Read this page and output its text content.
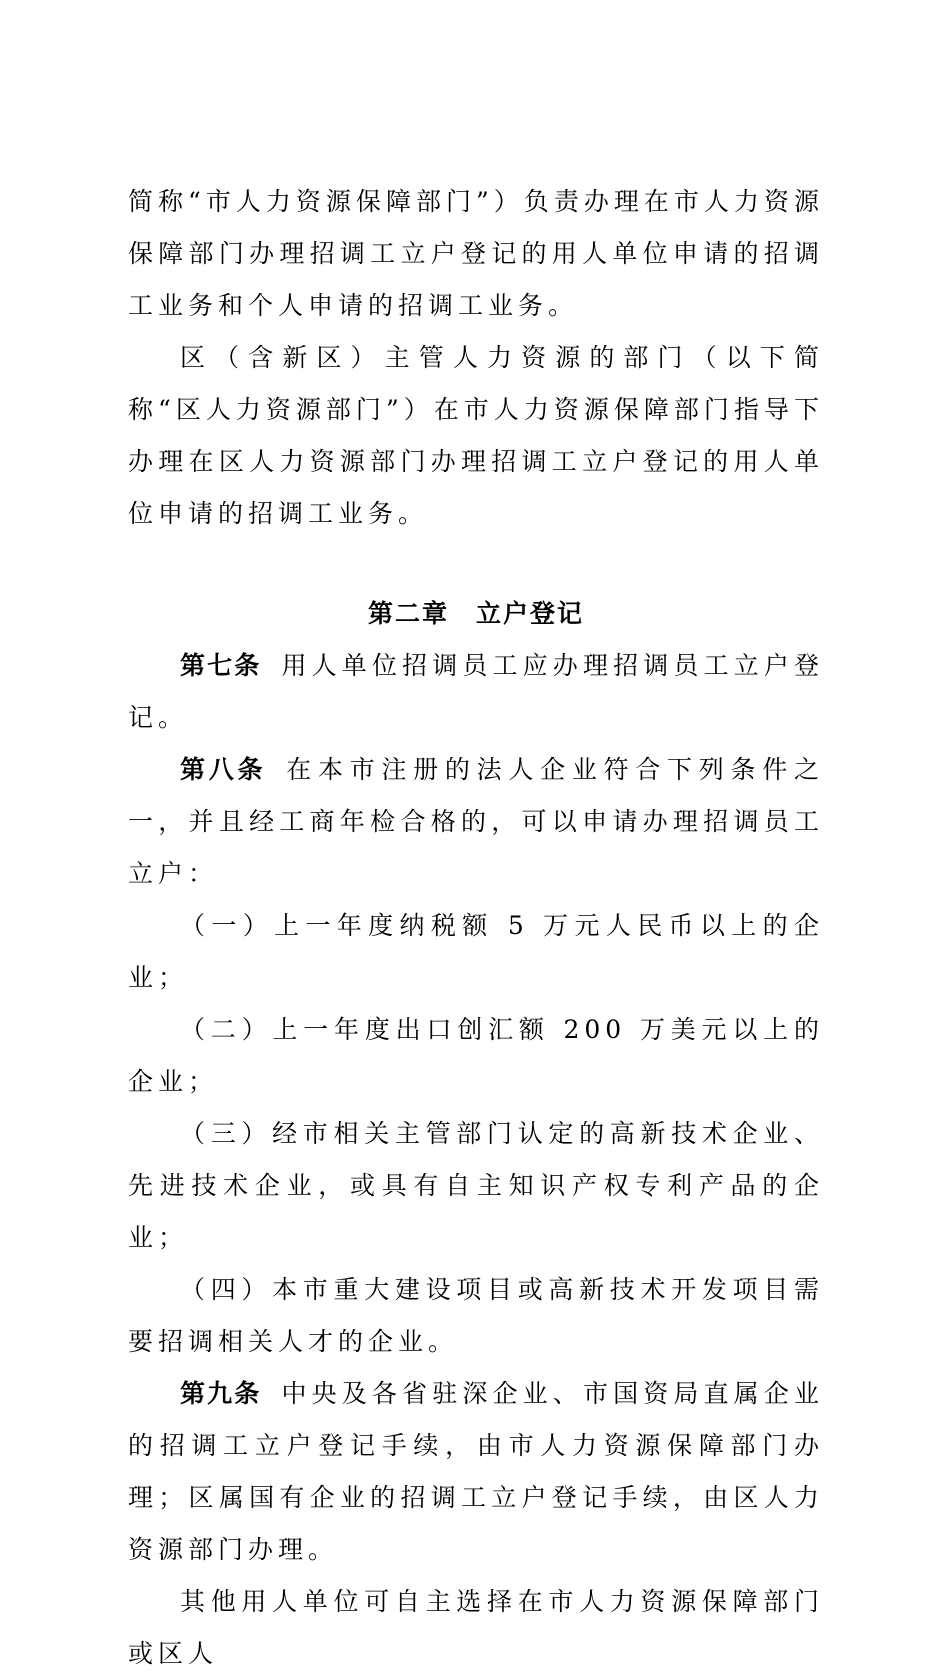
简称“市人力资源保障部门”）负责办理在市人力资源保障部门办理招调工立户登记的用人单位申请的招调工业务和个人申请的招调工业务。

区（含新区）主管人力资源的部门（以下简称“区人力资源部门”）在市人力资源保障部门指导下办理在区人力资源部门办理招调工立户登记的用人单位申请的招调工业务。

第二章　立户登记

第七条 用人单位招调员工应办理招调员工立户登记。

第八条 在本市注册的法人企业符合下列条件之一，并且经工商年检合格的，可以申请办理招调员工立户：

（一）上一年度纳税额 5 万元人民币以上的企业；

（二）上一年度出口创汇额 200 万美元以上的企业；

（三）经市相关主管部门认定的高新技术企业、先进技术企业，或具有自主知识产权专利产品的企业；

（四）本市重大建设项目或高新技术开发项目需要招调相关人才的企业。

第九条 中央及各省驻深企业、市国资局直属企业的招调工立户登记手续，由市人力资源保障部门办理；区属国有企业的招调工立户登记手续，由区人力资源部门办理。

其他用人单位可自主选择在市人力资源保障部门或区人
